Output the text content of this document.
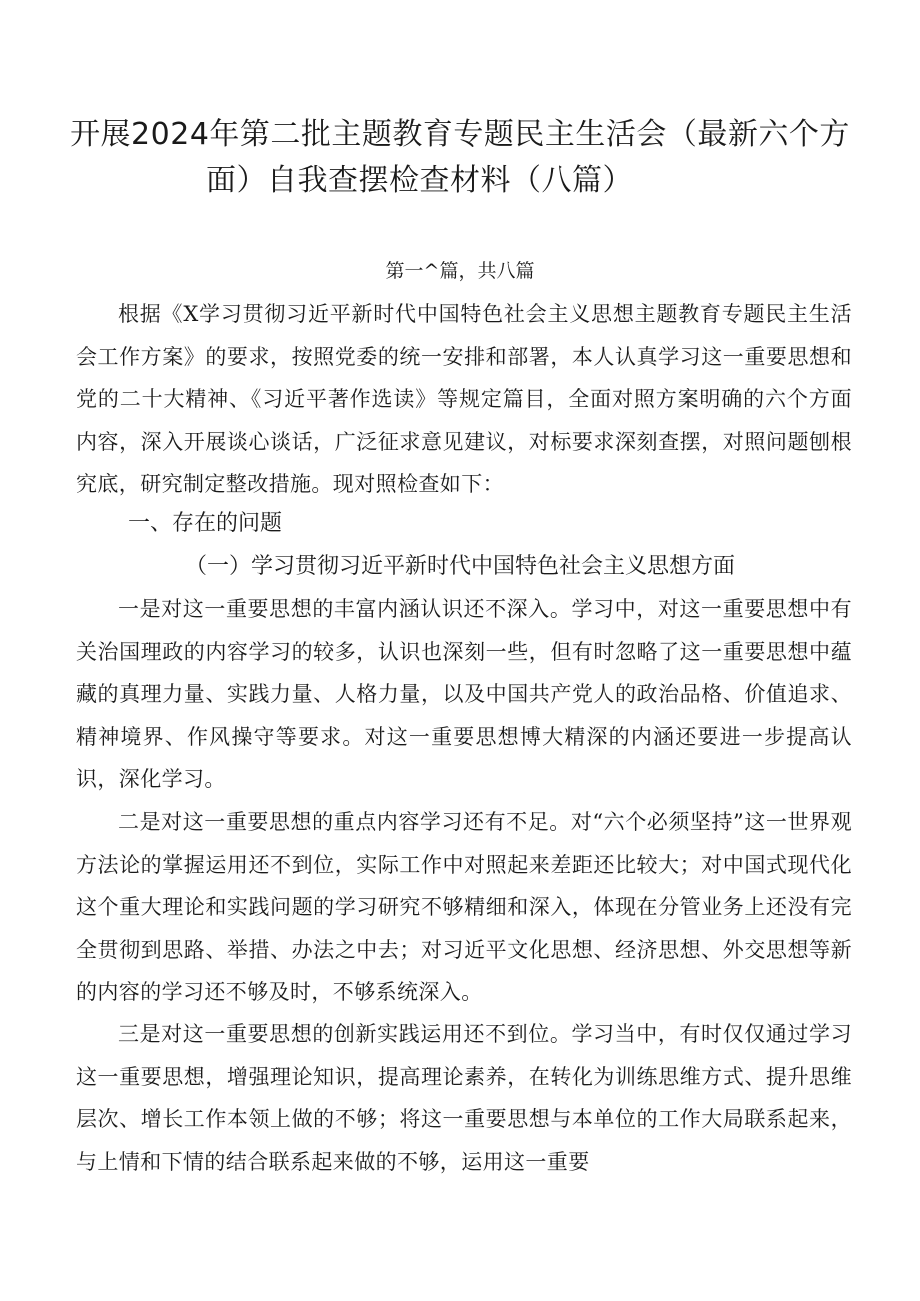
开展2024年第二批主题教育专题民主生活会（最新六个方
面）自我查摆检查材料（八篇）
第一^篇，共八篇

根据《X学习贯彻习近平新时代中国特色社会主义思想主题教育专题民主生活会工作方案》的要求，按照党委的统一安排和部署，本人认真学习这一重要思想和党的二十大精神、《习近平著作选读》等规定篇目，全面对照方案明确的六个方面内容，深入开展谈心谈话，广泛征求意见建议，对标要求深刻查摆，对照问题刨根究底，研究制定整改措施。现对照检查如下：

一、存在的问题
（一）学习贯彻习近平新时代中国特色社会主义思想方面

一是对这一重要思想的丰富内涵认识还不深入。学习中，对这一重要思想中有关治国理政的内容学习的较多，认识也深刻一些，但有时忽略了这一重要思想中蕴藏的真理力量、实践力量、人格力量，以及中国共产党人的政治品格、价值追求、精神境界、作风操守等要求。对这一重要思想博大精深的内涵还要进一步提高认识，深化学习。

二是对这一重要思想的重点内容学习还有不足。对“六个必须坚持”这一世界观方法论的掌握运用还不到位，实际工作中对照起来差距还比较大；对中国式现代化这个重大理论和实践问题的学习研究不够精细和深入，体现在分管业务上还没有完全贯彻到思路、举措、办法之中去；对习近平文化思想、经济思想、外交思想等新的内容的学习还不够及时，不够系统深入。

三是对这一重要思想的创新实践运用还不到位。学习当中，有时仅仅通过学习这一重要思想，增强理论知识，提高理论素养，在转化为训练思维方式、提升思维层次、增长工作本领上做的不够；将这一重要思想与本单位的工作大局联系起来，与上情和下情的结合联系起来做的不够，运用这一重要
